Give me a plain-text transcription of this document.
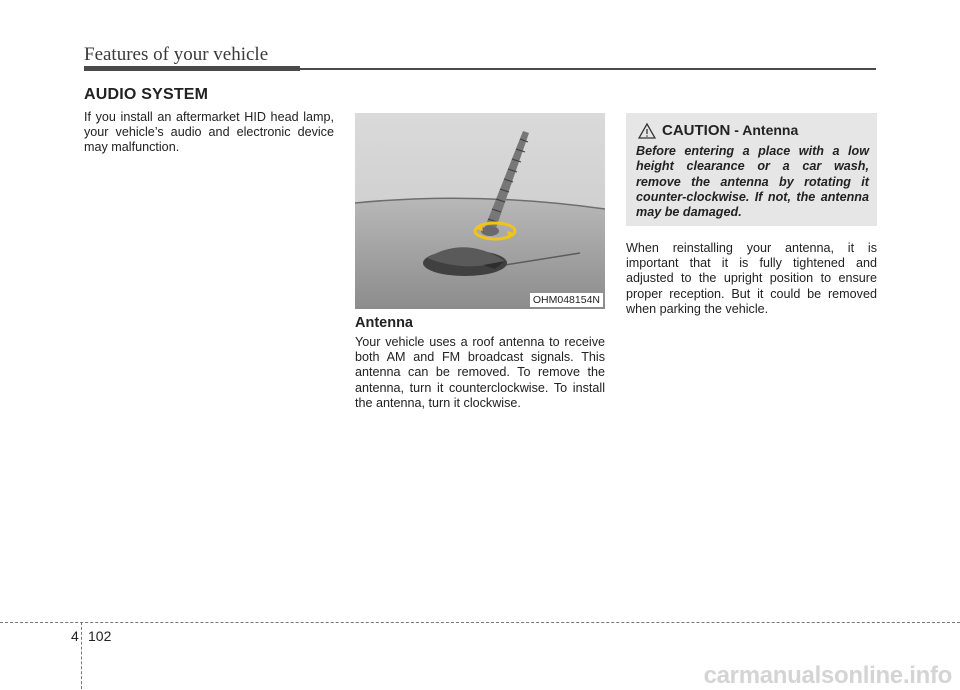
Features of your vehicle
AUDIO SYSTEM
If you install an aftermarket HID head lamp, your vehicle’s audio and electronic device may malfunction.
OHM048154N
Antenna
Your vehicle uses a roof antenna to receive both AM and FM broadcast signals. This antenna can be removed. To remove the antenna, turn it counterclockwise. To install the antenna, turn it clockwise.
CAUTION - Antenna
Before entering a place with a low height clearance or a car wash, remove the antenna by rotating it counter-clockwise. If not, the antenna may be damaged.
When reinstalling your antenna, it is important that it is fully tightened and adjusted to the upright position to ensure proper reception. But it could be removed when parking the vehicle.
4 102
carmanualsonline.info
